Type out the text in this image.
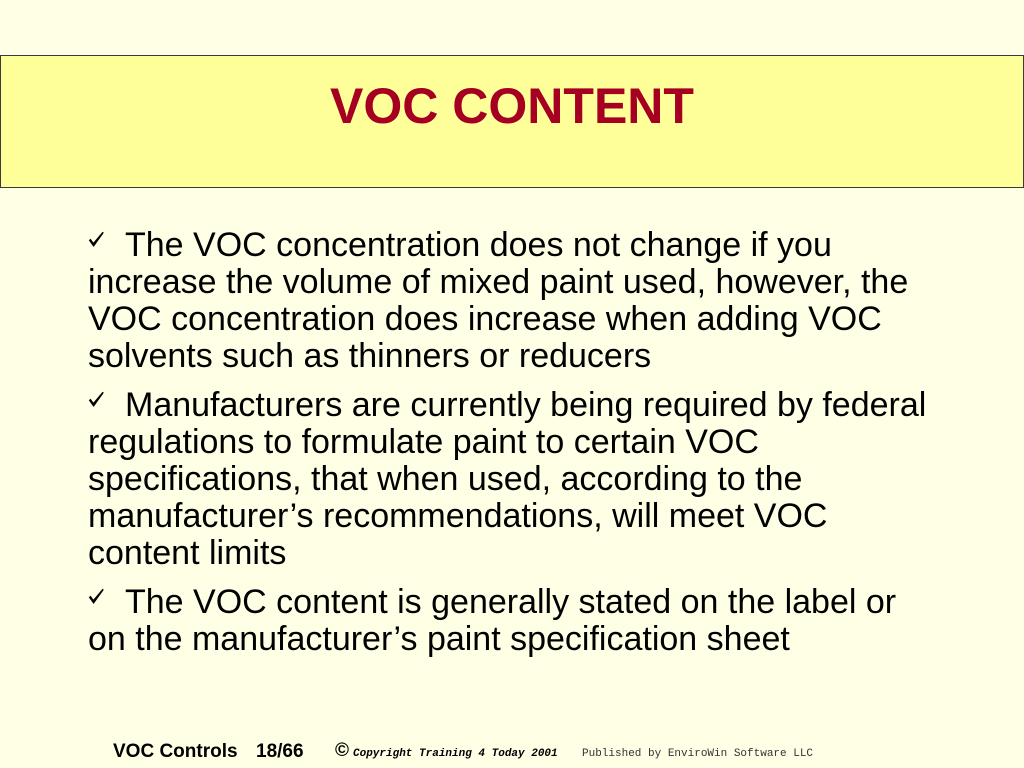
VOC CONTENT

The VOC concentration does not change if you
increase the volume of mixed paint used, however, the
VOC concentration does increase when adding VOC
solvents such as thinners or reducers

Manufacturers are currently being required by federal
regulations to formulate paint to certain VOC
specifications, that when used, according to the
manufacturer’s recommendations, will meet VOC
content limits

The VOC content is generally stated on the label or
on the manufacturer’s paint specification sheet

VOC Controls 18/66 © Copyright Training 4 Today 2001 Published by EnviroWin Software LLC
